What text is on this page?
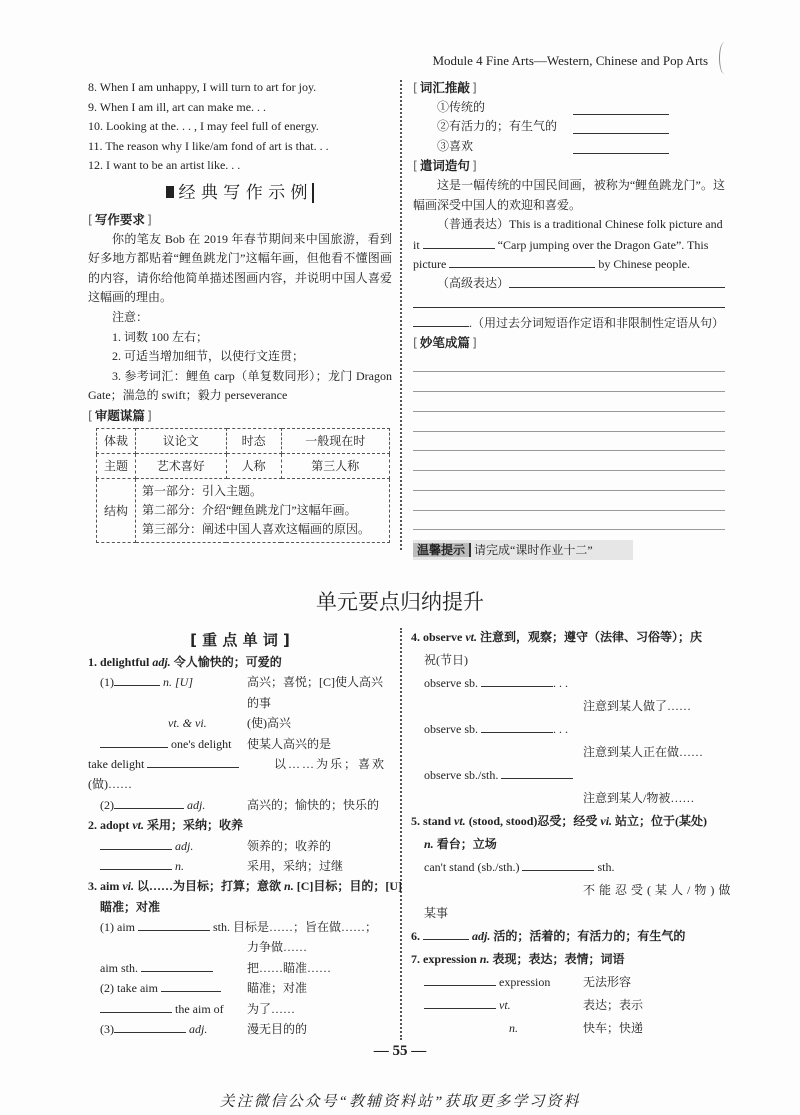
Module 4 Fine Arts—Western, Chinese and Pop Arts
8. When I am unhappy, I will turn to art for joy.
9. When I am ill, art can make me. . .
10. Looking at the. . . , I may feel full of energy.
11. The reason why I like/am fond of art is that. . .
12. I want to be an artist like. . .
经 典 写 作 示 例
[ 写作要求 ]
你的笔友 Bob 在 2019 年春节期间来中国旅游，看到好多地方都贴着“鲤鱼跳龙门”这幅年画，但他看不懂图画的内容，请你给他简单描述图画内容，并说明中国人喜爱这幅画的理由。
注意：
1. 词数 100 左右；
2. 可适当增加细节，以使行文连贯；
3. 参考词汇：鲤鱼 carp（单复数同形）；龙门 Dragon Gate；湍急的 swift；毅力 perseverance
[ 审题谋篇 ]
体裁	议论文	时态	一般现在时
主题	艺术喜好	人称	第三人称
结构	第一部分：引入主题。
第二部分：介绍“鲤鱼跳龙门”这幅年画。
第三部分：阐述中国人喜欢这幅画的原因。		
[ 词汇推敲 ]
①传统的
②有活力的；有生气的
③喜欢
[ 遣词造句 ]
这是一幅传统的中国民间画，被称为“鲤鱼跳龙门”。这幅画深受中国人的欢迎和喜爱。
（普通表达）This is a traditional Chinese folk picture and
it	“Carp jumping over the Dragon Gate”. This
picture	by Chinese people.
（高级表达）
.（用过去分词短语作定语和非限制性定语从句）
[ 妙笔成篇 ]
温馨提示 请完成“课时作业十二”
单元要点归纳提升
[ 重 点 单 词 ]
1. delightful adj. 令人愉快的；可爱的
(1)	n. [U]	高兴；喜悦；[C]使人高兴
的事
vt. & vi.	(使)高兴
one's delight 使某人高兴的是
take delight	以……为乐；喜欢
(做)……
(2)	adj.	高兴的；愉快的；快乐的
2. adopt vt. 采用；采纳；收养
adj.	领养的；收养的
n.	采用，采纳；过继
3. aim vi. 以……为目标；打算；意欲 n. [C]目标；目的；[U]
瞄准；对准
(1) aim	sth. 目标是……；旨在做……；
力争做……
aim sth.	把……瞄准……
(2) take aim	瞄准；对准
the aim of 为了……
(3)	adj.	漫无目的的
4. observe vt. 注意到，观察；遵守（法律、习俗等）；庆
祝(节日)
observe sb.	. . .
注意到某人做了……
observe sb.	. . .
注意到某人正在做……
observe sb./sth.
注意到某人/物被……
5. stand vt. (stood, stood)忍受；经受 vi. 站立；位于(某处)
n. 看台；立场
can't stand (sb./sth.)	sth.
不能忍受(某人/物)做
某事
6.	adj. 活的；活着的；有活力的；有生气的
7. expression n. 表现；表达；表情；词语
expression	无法形容
vt.	表达；表示
n.	快车；快递
— 55 —
关注微信公众号“教辅资料站”获取更多学习资料
